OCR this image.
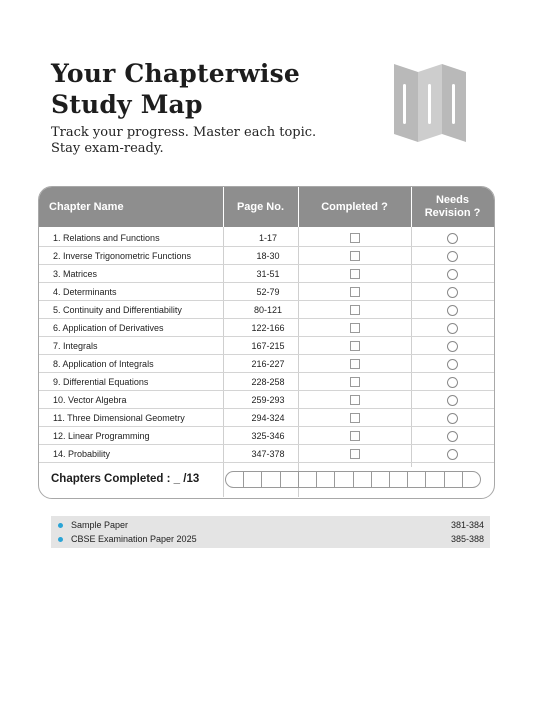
Your Chapterwise
Study Map

Track your progress. Master each topic.
Stay exam-ready.

Chapter Name	Page No.	Completed ?
Needs
Revision ?
1. Relations and Functions	1-17
2. Inverse Trigonometric Functions	18-30
3. Matrices	31-51
4. Determinants	52-79
5. Continuity and Differentiability	80-121
6. Application of Derivatives	122-166
7. Integrals	167-215
8. Application of Integrals	216-227
9. Differential Equations	228-258
10. Vector Algebra	259-293
11. Three Dimensional Geometry	294-324
12. Linear Programming	325-346
14. Probability	347-378
Chapters Completed : _ /13
Sample Paper	381-384
CBSE Examination Paper 2025	385-388
